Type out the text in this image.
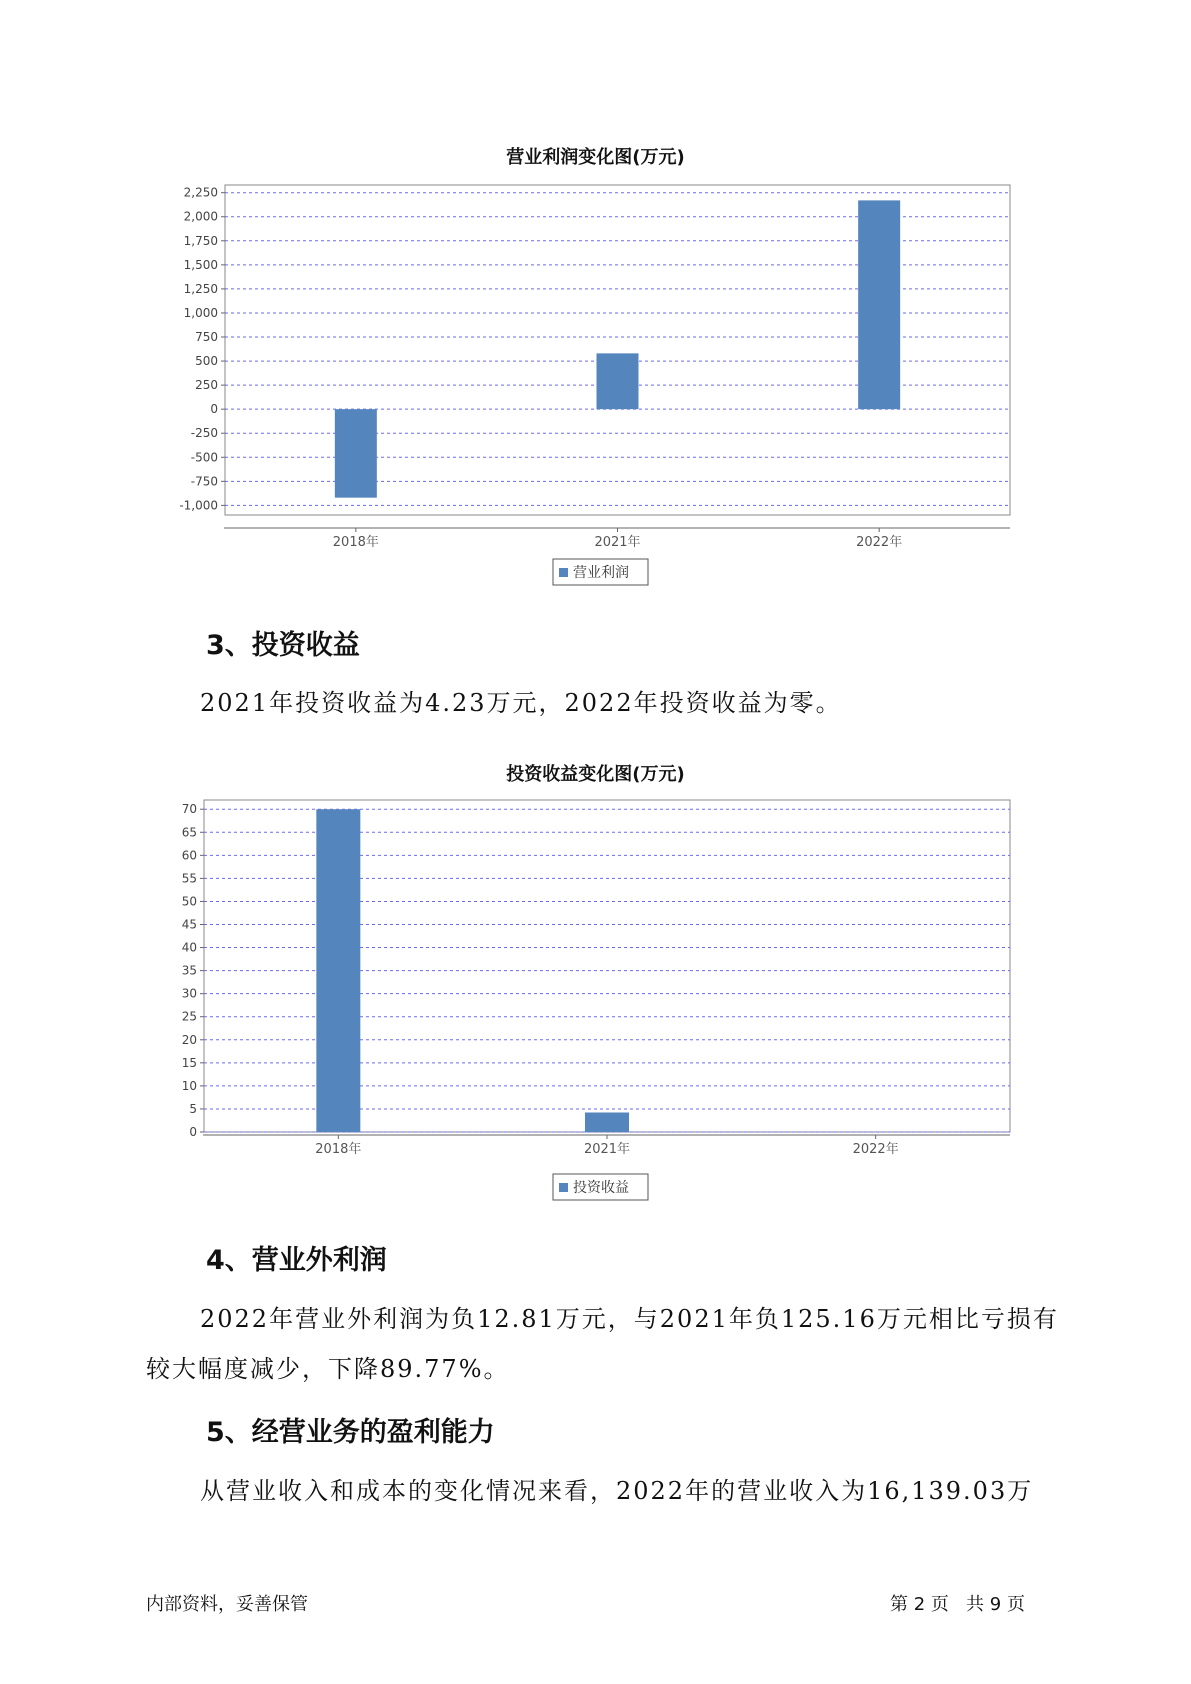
营业利润变化图(万元)
2,250
2,000
1,750
1,500
1,250
1,000
750
500
250
0
-250
-500
-750
-1,000
2018年	2021年	2022年
营业利润
3、投资收益
2021年投资收益为4.23万元，2022年投资收益为零。
投资收益变化图(万元)
70
65
60
55
50
45
40
35
30
25
20
15
10
5
0
2018年	2021年	2022年
投资收益
4、营业外利润
2022年营业外利润为负12.81万元，与2021年负125.16万元相比亏损有
较大幅度减少，下降89.77%。
5、经营业务的盈利能力
从营业收入和成本的变化情况来看，2022年的营业收入为16,139.03万
内部资料，妥善保管	第 2 页   共 9 页
